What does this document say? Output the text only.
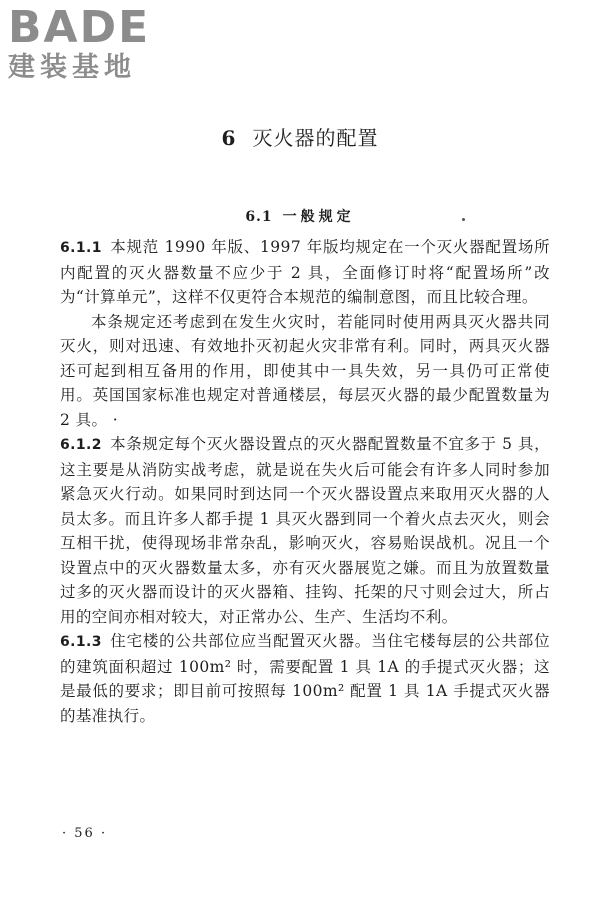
BADE
建装基地
6 灭火器的配置
6.1 一般规定

6.1.1 本规范 1990 年版、1997 年版均规定在一个灭火器配置场所内配置的灭火器数量不应少于 2 具，全面修订时将“配置场所”改为“计算单元”，这样不仅更符合本规范的编制意图，而且比较合理。

本条规定还考虑到在发生火灾时，若能同时使用两具灭火器共同灭火，则对迅速、有效地扑灭初起火灾非常有利。同时，两具灭火器还可起到相互备用的作用，即使其中一具失效，另一具仍可正常使用。英国国家标准也规定对普通楼层，每层灭火器的最少配置数量为 2 具。 ·

6.1.2 本条规定每个灭火器设置点的灭火器配置数量不宜多于 5 具，这主要是从消防实战考虑，就是说在失火后可能会有许多人同时参加紧急灭火行动。如果同时到达同一个灭火器设置点来取用灭火器的人员太多。而且许多人都手提 1 具灭火器到同一个着火点去灭火，则会互相干扰，使得现场非常杂乱，影响灭火，容易贻误战机。况且一个设置点中的灭火器数量太多，亦有灭火器展览之嫌。而且为放置数量过多的灭火器而设计的灭火器箱、挂钩、托架的尺寸则会过大，所占用的空间亦相对较大，对正常办公、生产、生活均不利。

6.1.3 住宅楼的公共部位应当配置灭火器。当住宅楼每层的公共部位的建筑面积超过 100m² 时，需要配置 1 具 1A 的手提式灭火器；这是最低的要求；即目前可按照每 100m² 配置 1 具 1A 手提式灭火器的基准执行。

· 56 ·
